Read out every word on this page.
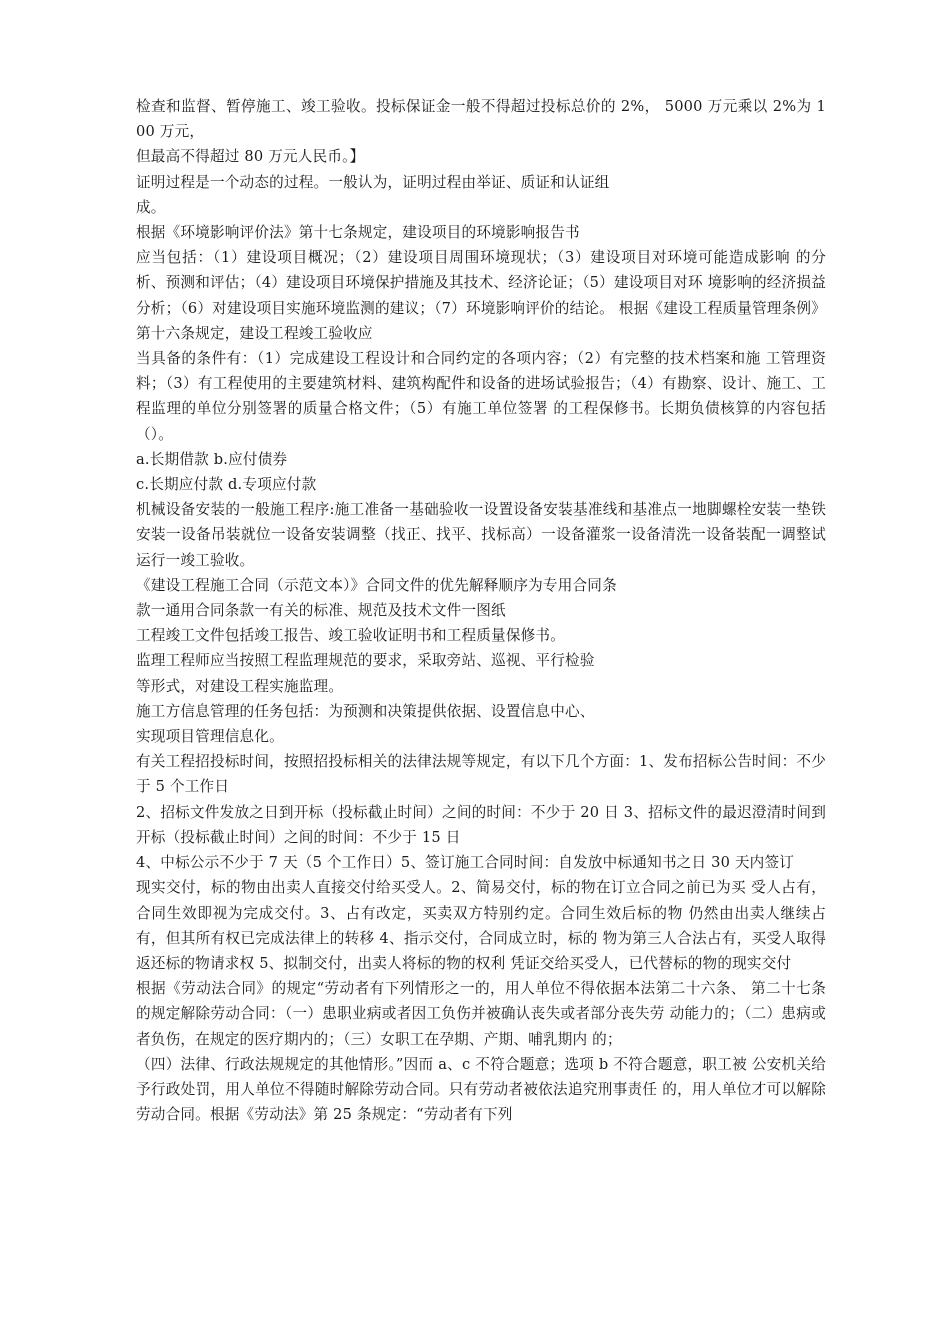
检查和监督、暂停施工、竣工验收。投标保证金一般不得超过投标总价的 2%， 5000 万元乘以 2%为 100 万元，

但最高不得超过 80 万元人民币。】

证明过程是一个动态的过程。一般认为，证明过程由举证、质证和认证组

成。

根据《环境影响评价法》第十七条规定，建设项目的环境影响报告书

应当包括：（1）建设项目概况；（2）建设项目周围环境现状；（3）建设项目对环境可能造成影响 的分析、预测和评估；（4）建设项目环境保护措施及其技术、经济论证；（5）建设项目对环 境影响的经济损益分析；（6）对建设项目实施环境监测的建议；（7）环境影响评价的结论。 根据《建设工程质量管理条例》第十六条规定，建设工程竣工验收应

当具备的条件有：（1）完成建设工程设计和合同约定的各项内容；（2）有完整的技术档案和施 工管理资料；（3）有工程使用的主要建筑材料、建筑构配件和设备的进场试验报告；（4）有勘察、设计、施工、工程监理的单位分别签署的质量合格文件；（5）有施工单位签署 的工程保修书。长期负债核算的内容包括（）。

a.长期借款 b.应付债券

c.长期应付款 d.专项应付款

机械设备安装的一般施工程序:施工准备一基础验收一设置设备安装基准线和基准点一地脚螺栓安装一垫铁安装一设备吊装就位一设备安装调整（找正、找平、找标高）一设备灌浆一设备清洗一设备装配一调整试运行一竣工验收。

《建设工程施工合同（示范文本）》合同文件的优先解释顺序为专用合同条

款一通用合同条款一有关的标准、规范及技术文件一图纸

工程竣工文件包括竣工报告、竣工验收证明书和工程质量保修书。

监理工程师应当按照工程监理规范的要求，采取旁站、巡视、平行检验

等形式，对建设工程实施监理。

施工方信息管理的任务包括：为预测和决策提供依据、设置信息中心、

实现项目管理信息化。

有关工程招投标时间，按照招投标相关的法律法规等规定，有以下几个方面：1、发布招标公告时间：不少于 5 个工作日

2、招标文件发放之日到开标（投标截止时间）之间的时间：不少于 20 日 3、招标文件的最迟澄清时间到开标（投标截止时间）之间的时间：不少于 15 日

4、中标公示不少于 7 天（5 个工作日）5、签订施工合同时间：自发放中标通知书之日 30 天内签订

现实交付，标的物由出卖人直接交付给买受人。2、简易交付，标的物在订立合同之前已为买 受人占有，合同生效即视为完成交付。3、占有改定，买卖双方特别约定。合同生效后标的物 仍然由出卖人继续占有，但其所有权已完成法律上的转移 4、指示交付，合同成立时，标的 物为第三人合法占有，买受人取得返还标的物请求权 5、拟制交付，出卖人将标的物的权利 凭证交给买受人，已代替标的物的现实交付

根据《劳动法合同》的规定“劳动者有下列情形之一的，用人单位不得依据本法第二十六条、 第二十七条的规定解除劳动合同：（一）患职业病或者因工负伤并被确认丧失或者部分丧失劳 动能力的；（二）患病或者负伤，在规定的医疗期内的；（三）女职工在孕期、产期、哺乳期内 的；

（四）法律、行政法规规定的其他情形。”因而 a、c 不符合题意；选项 b 不符合题意，职工被 公安机关给予行政处罚，用人单位不得随时解除劳动合同。只有劳动者被依法追究刑事责任 的，用人单位才可以解除劳动合同。根据《劳动法》第 25 条规定：“劳动者有下列
